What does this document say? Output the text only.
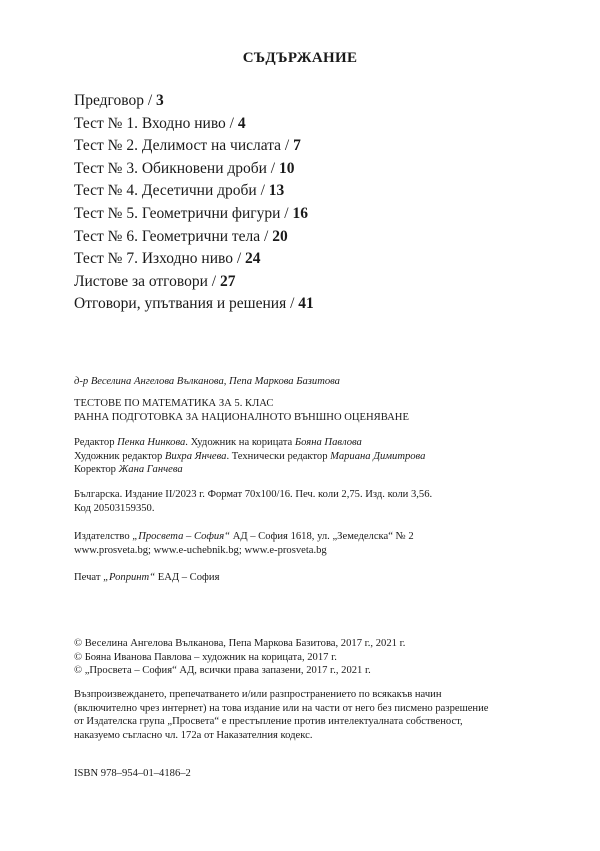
СЪДЪРЖАНИЕ
Предговор / 3
Тест № 1. Входно ниво / 4
Тест № 2. Делимост на числата / 7
Тест № 3. Обикновени дроби / 10
Тест № 4. Десетични дроби / 13
Тест № 5. Геометрични фигури / 16
Тест № 6. Геометрични тела / 20
Тест № 7. Изходно ниво / 24
Листове за отговори / 27
Отговори, упътвания и решения / 41

д-р Веселина Ангелова Вълканова, Пепа Маркова Базитова

ТЕСТОВЕ ПО МАТЕМАТИКА ЗА 5. КЛАС

РАННА ПОДГОТОВКА ЗА НАЦИОНАЛНОТО ВЪНШНО ОЦЕНЯВАНЕ

Редактор Пенка Нинкова. Художник на корицата Бояна Павлова

Художник редактор Вихра Янчева. Технически редактор Мариана Димитрова

Коректор Жана Ганчева

Българска. Издание II/2023 г. Формат 70х100/16. Печ. коли 2,75. Изд. коли 3,56.

Код 20503159350.

Издателство „Просвета – София“ АД – София 1618, ул. „Земеделска“ № 2

www.prosveta.bg; www.e-uchebnik.bg; www.e-prosveta.bg

Печат „Ропринт“ ЕАД – София

© Веселина Ангелова Вълканова, Пепа Маркова Базитова, 2017 г., 2021 г.

© Бояна Иванова Павлова – художник на корицата, 2017 г.

© „Просвета – София“ АД, всички права запазени, 2017 г., 2021 г.

Възпроизвеждането, препечатването и/или разпространението по всякакъв начин

(включително чрез интернет) на това издание или на части от него без писмено разрешение

от Издателска група „Просвета“ е престъпление против интелектуалната собственост,

наказуемо съгласно чл. 172а от Наказателния кодекс.

ISBN 978–954–01–4186–2
